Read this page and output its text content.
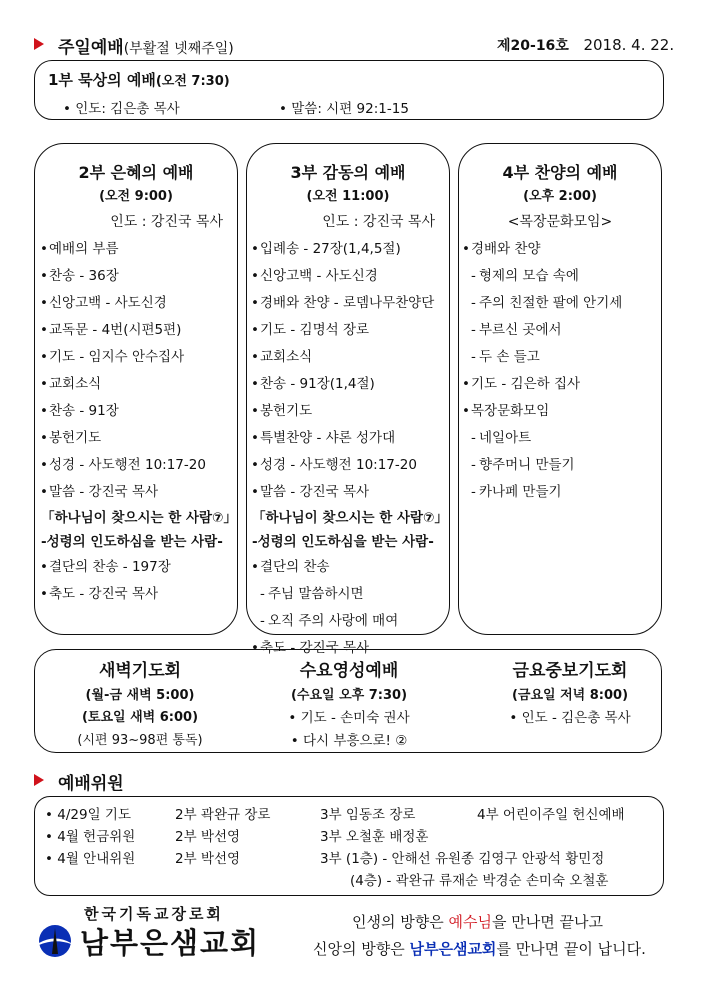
주일예배(부활절 넷째주일)	제20-16호 2018. 4. 22.
1부 묵상의 예배(오전 7:30)
• 인도: 김은총 목사	• 말씀: 시편 92:1-15
2부 은혜의 예배
(오전 9:00)
인도 : 강진국 목사
• 예배의 부름
• 찬송 - 36장
• 신앙고백 - 사도신경
• 교독문 - 4번(시편5편)
• 기도 - 임지수 안수집사
• 교회소식
• 찬송 - 91장
• 봉헌기도
• 성경 - 사도행전 10:17-20
• 말씀 - 강진국 목사
「하나님이 찾으시는 한 사람⑦」
-성령의 인도하심을 받는 사람-
• 결단의 찬송 - 197장
• 축도 - 강진국 목사
3부 감동의 예배
(오전 11:00)
인도 : 강진국 목사
• 입례송 - 27장(1,4,5절)
• 신앙고백 - 사도신경
• 경배와 찬양 - 로뎀나무찬양단
• 기도 - 김명석 장로
• 교회소식
• 찬송 - 91장(1,4절)
• 봉헌기도
• 특별찬양 - 샤론 성가대
• 성경 - 사도행전 10:17-20
• 말씀 - 강진국 목사
「하나님이 찾으시는 한 사람⑦」
-성령의 인도하심을 받는 사람-
• 결단의 찬송
- 주님 말씀하시면
- 오직 주의 사랑에 매여
• 축도 - 강진국 목사
4부 찬양의 예배
(오후 2:00)
<목장문화모임>
• 경배와 찬양
- 형제의 모습 속에
- 주의 친절한 팔에 안기세
- 부르신 곳에서
- 두 손 들고
• 기도 - 김은하 집사
• 목장문화모임
- 네일아트
- 향주머니 만들기
- 카나페 만들기
새벽기도회
(월-금 새벽 5:00)
(토요일 새벽 6:00)
(시편 93~98편 통독)
수요영성예배
(수요일 오후 7:30)
• 기도 - 손미숙 권사
• 다시 부흥으로! ②
금요중보기도회
(금요일 저녁 8:00)
• 인도 - 김은총 목사
예배위원
• 4/29일 기도	2부 곽완규 장로	3부 임동조 장로	4부 어린이주일 헌신예배
• 4월 헌금위원	2부 박선영	3부 오철훈 배정훈
• 4월 안내위원	2부 박선영	3부 (1층) - 안해선 유원종 김영구 안광석 황민정
(4층) - 곽완규 류재순 박경순 손미숙 오철훈
한국기독교장로회
남부은샘교회
인생의 방향은 예수님을 만나면 끝나고
신앙의 방향은 남부은샘교회를 만나면 끝이 납니다.
